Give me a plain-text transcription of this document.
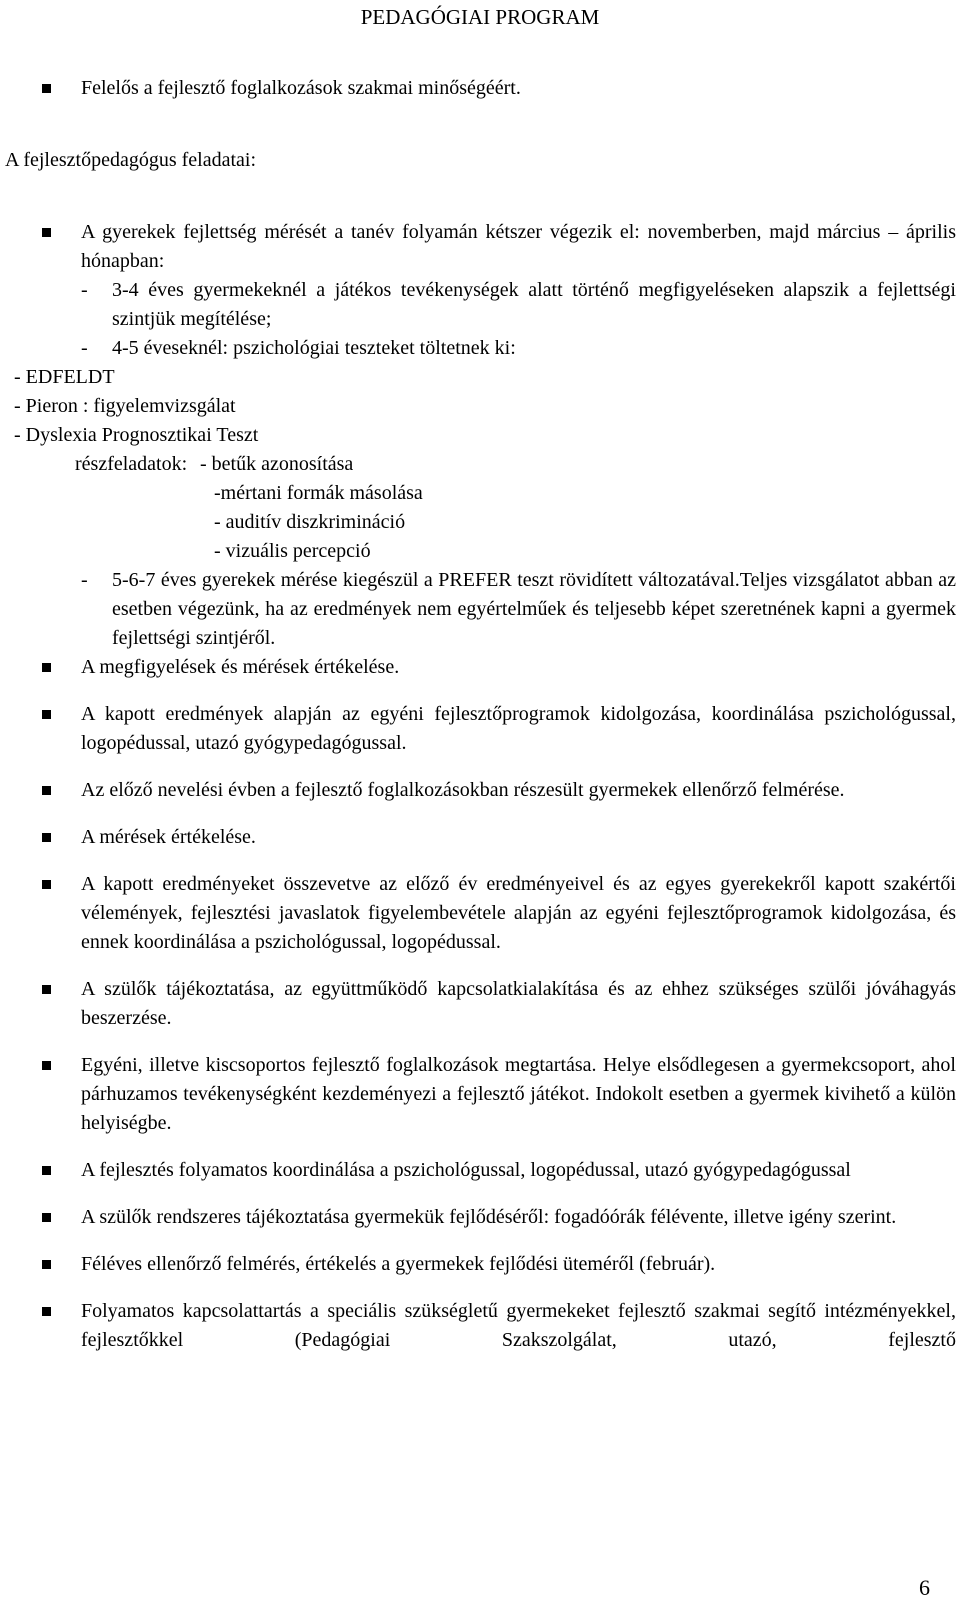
PEDAGÓGIAI PROGRAM
Felelős a fejlesztő foglalkozások szakmai minőségéért.
A fejlesztőpedagógus feladatai:
A gyerekek fejlettség mérését a tanév folyamán kétszer végezik el: novemberben, majd március – április hónapban:
-	3-4 éves gyermekeknél a játékos tevékenységek alatt történő megfigyeléseken alapszik a fejlettségi szintjük megítélése;
-	4-5 éveseknél: pszichológiai teszteket töltetnek ki:
- EDFELDT
- Pieron : figyelemvizsgálat
- Dyslexia Prognosztikai Teszt
részfeladatok: - betűk azonosítása
-mértani formák másolása
- auditív diszkrimináció
- vizuális percepció
-	5-6-7 éves gyerekek mérése kiegészül a PREFER teszt rövidített változatával.Teljes vizsgálatot abban az esetben végezünk, ha az eredmények nem egyértelműek és teljesebb képet szeretnének kapni a gyermek fejlettségi szintjéről.
A megfigyelések és mérések értékelése.
A kapott eredmények alapján az egyéni fejlesztőprogramok kidolgozása, koordinálása pszichológussal, logopédussal, utazó gyógypedagógussal.
Az előző nevelési évben a fejlesztő foglalkozásokban részesült gyermekek ellenőrző felmérése.
A mérések értékelése.
A kapott eredményeket összevetve az előző év eredményeivel és az egyes gyerekekről kapott szakértői vélemények, fejlesztési javaslatok figyelembevétele alapján az egyéni fejlesztőprogramok kidolgozása, és ennek koordinálása a pszichológussal, logopédussal.
A szülők tájékoztatása, az együttműködő kapcsolatkialakítása és az ehhez szükséges szülői jóváhagyás beszerzése.
Egyéni, illetve kiscsoportos fejlesztő foglalkozások megtartása. Helye elsődlegesen a gyermekcsoport, ahol párhuzamos tevékenységként kezdeményezi a fejlesztő játékot. Indokolt esetben a gyermek kivihető a külön helyiségbe.
A fejlesztés folyamatos koordinálása a pszichológussal, logopédussal, utazó gyógypedagógussal
A szülők rendszeres tájékoztatása gyermekük fejlődéséről: fogadóórák félévente, illetve igény szerint.
Féléves ellenőrző felmérés, értékelés a gyermekek fejlődési üteméről (február).
Folyamatos kapcsolattartás a speciális szükségletű gyermekeket fejlesztő szakmai segítő intézményekkel, fejlesztőkkel (Pedagógiai Szakszolgálat, utazó, fejlesztő
6
